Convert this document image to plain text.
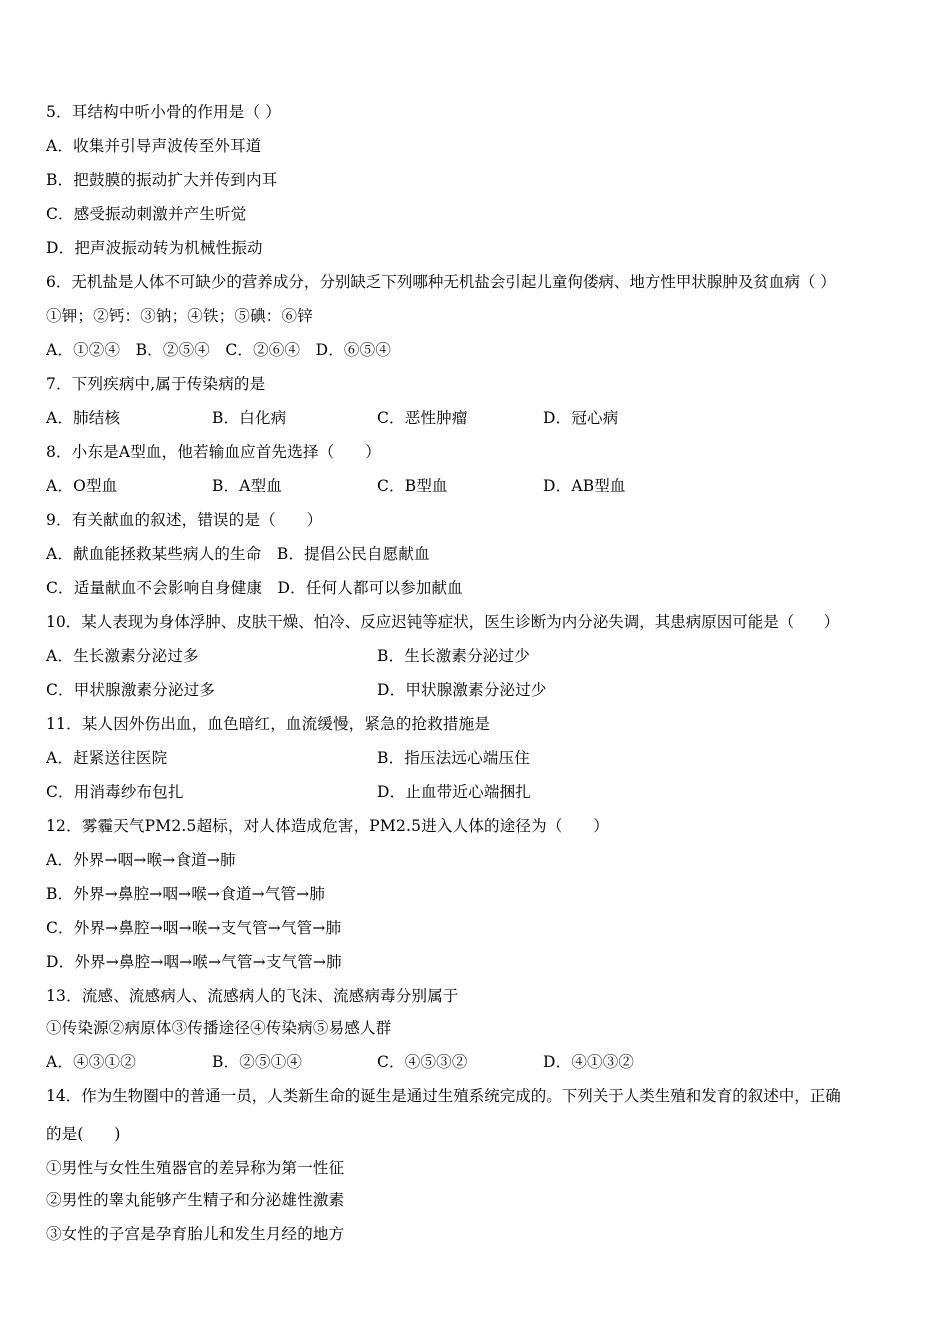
5．耳结构中听小骨的作用是（ ）
A．收集并引导声波传至外耳道
B．把鼓膜的振动扩大并传到内耳
C．感受振动刺激并产生听觉
D．把声波振动转为机械性振动
6．无机盐是人体不可缺少的营养成分，分别缺乏下列哪种无机盐会引起儿童佝偻病、地方性甲状腺肿及贫血病（ ）
①钾；②钙：③钠；④铁；⑤碘：⑥锌
A．①②④   B．②⑤④   C．②⑥④   D．⑥⑤④
7．下列疾病中,属于传染病的是
A．肺结核	B．白化病	C．恶性肿瘤	D．冠心病
8．小东是A型血，他若输血应首先选择（      ）
A．O型血	B．A型血	C．B型血	D．AB型血
9．有关献血的叙述，错误的是（      ）
A．献血能拯救某些病人的生命   B．提倡公民自愿献血
C．适量献血不会影响自身健康   D．任何人都可以参加献血
10．某人表现为身体浮肿、皮肤干燥、怕冷、反应迟钝等症状，医生诊断为内分泌失调，其患病原因可能是（      ）
A．生长激素分泌过多	B．生长激素分泌过少
C．甲状腺激素分泌过多	D．甲状腺激素分泌过少
11．某人因外伤出血，血色暗红，血流缓慢，紧急的抢救措施是
A．赶紧送往医院	B．指压法远心端压住
C．用消毒纱布包扎	D．止血带近心端捆扎
12．雾霾天气PM2.5超标，对人体造成危害，PM2.5进入人体的途径为（      ）
A．外界→咽→喉→食道→肺
B．外界→鼻腔→咽→喉→食道→气管→肺
C．外界→鼻腔→咽→喉→支气管→气管→肺
D．外界→鼻腔→咽→喉→气管→支气管→肺
13．流感、流感病人、流感病人的飞沫、流感病毒分别属于
①传染源②病原体③传播途径④传染病⑤易感人群
A．④③①②	B．②⑤①④	C．④⑤③②	D．④①③②
14．作为生物圈中的普通一员，人类新生命的诞生是通过生殖系统完成的。下列关于人类生殖和发育的叙述中，正确
的是(      )
①男性与女性生殖器官的差异称为第一性征
②男性的睾丸能够产生精子和分泌雄性激素
③女性的子宫是孕育胎儿和发生月经的地方
